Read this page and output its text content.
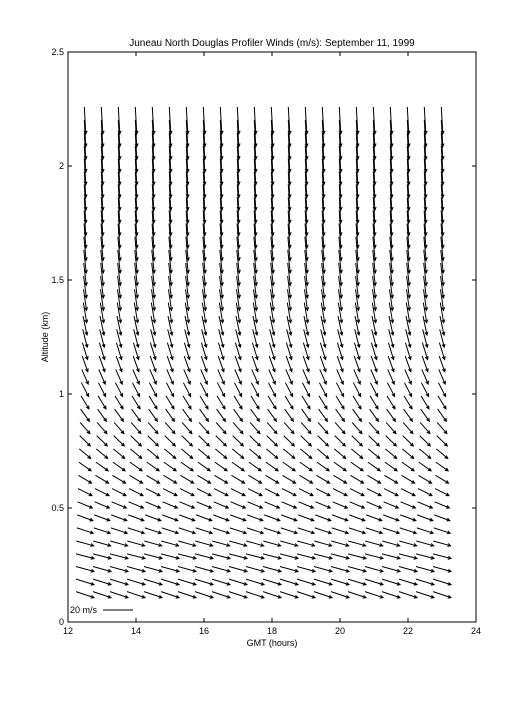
Juneau North Douglas Profiler Winds (m/s): September 11, 1999
12	14	16	18	20	22	24
0
0.5
1
1.5
2
2.5
GMT (hours)
Altitude (km)
20 m/s
